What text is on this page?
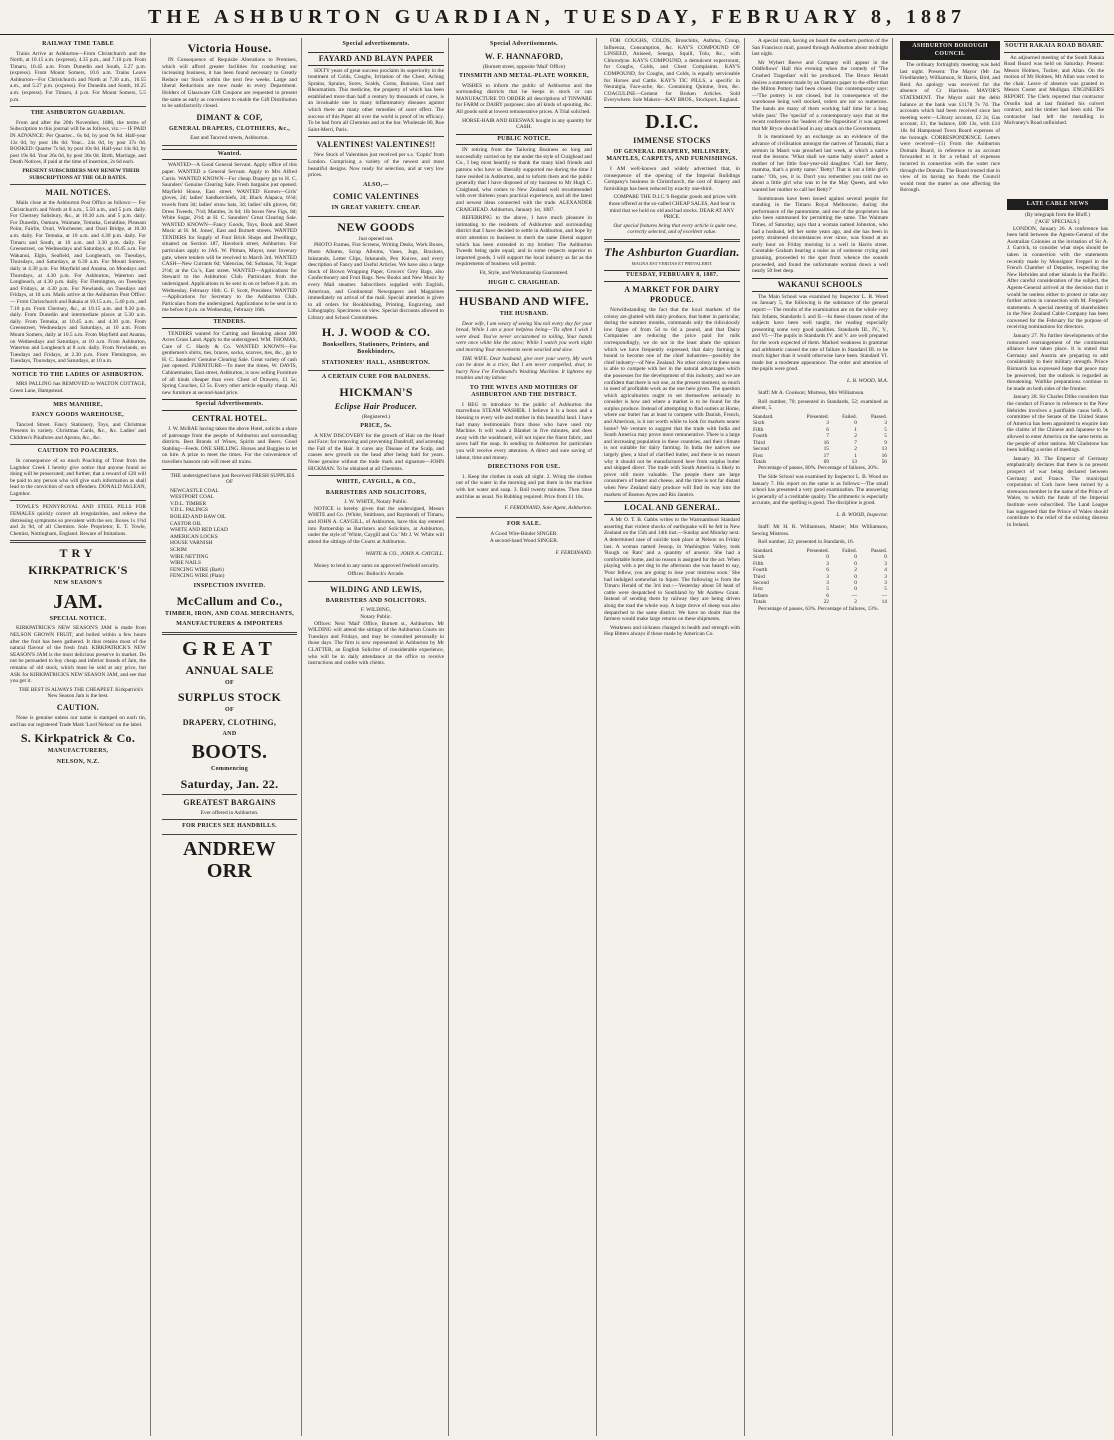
THE ASHBURTON GUARDIAN, TUESDAY, FEBRUARY 8, 1887
RAILWAY TIME TABLE

Trains Arrive at Ashburton—From Christchurch and the North, at 10.15 a.m. (express), 4.35 p.m., and 7.10 p.m. From Timaru, 10.45 a.m. From Dunedin and South, 5.27 p.m. (express). From Mount Somers, 10.6 a.m. Trains Leave Ashburton—For Christchurch and North at 7.30 a.m., 10.55 a.m., and 5.27 p.m. (express). For Dunedin and South, 10.25 a.m. (express). For Timaru, 4 p.m. For Mount Somers, 5.5 p.m.

THE ASHBURTON GUARDIAN.

From and after the 20th November, 1886, the terms of Subscription to this journal will be as follows, viz.:— IF PAID IN ADVANCE: Per Quarter... 6s 6d, by post 9s 6d. Half-year 13s 0d, by post 18s 0d. Year... 24s 0d, by post 37s 0d. BOOKED: Quarter 7s 6d, by post 10s 0d. Half-year 14s 0d, by post 19s 0d. Year 26s 0d, by post 36s 0d. Birth, Marriage, and Death Notices, if paid at the time of insertion, 2s 6d each.

PRESENT SUBSCRIBERS MAY RENEW THEIR SUBSCRIPTIONS AT THE OLD RATES.

MAIL NOTICES.

Mails close at the Ashburton Post Office as follows:— For Christchurch and North at 8 a.m., 5.50 a.m., and 5 p.m. daily. For Chertsey Salisbury, &c., at 10.30 a.m. and 5 p.m. daily. For Dunedin, Oamaru, Waimate, Temuka, Geraldine, Pleasant Point, Fairlie, Orari, Winchester, and Orari Bridge, at 10.30 a.m. daily. For Temuka, at 10 a.m. and 4.30 p.m. daily. For Timaru and South, at 10 a.m. and 3.30 p.m. daily. For Greenstreet, on Wednesdays and Saturdays, at 10.45 a.m. For Wakanui, Elgin, Seafield, and Longbeach, on Tuesdays, Thursdays, and Saturdays, at 6.30 a.m. For Mount Somers, daily at 4.30 p.m. For Mayfield and Anama, on Mondays and Thursdays, at 4.30 p.m. For Ashburton, Waterton and Longbeach, at 4.30 p.m. daily. For Flemington, on Tuesdays and Fridays, at 4.30 p.m. For Newlands, on Tuesdays and Fridays, at 10 a.m. Mails arrive at the Ashburton Post Office:— From Christchurch and Rakaia at 10.15 a.m., 5.40 p.m., and 7.10 p.m. From Chertsey, &c., at 10.15 a.m. and 9.30 p.m. daily. From Dunedin and intermediate places at 5.30 a.m. daily. From Temuka, at 10.45 a.m. and 4.30 p.m. From Greenstreet, Wednesdays and Saturdays, at 10 a.m. From Mount Somers, daily at 10.5 a.m. From Mayfield and Anama, on Wednesdays and Saturdays, at 10 a.m. From Ashburton, Waterton and Longbeach at 8 a.m. daily. From Newlands, on Tuesdays and Fridays, at 2.30 p.m. From Flemington, on Tuesdays, Thursdays, and Saturdays, at 10 a.m.

NOTICE TO THE LADIES OF ASHBURTON.

MRS PALLING has REMOVED to WALTON COTTAGE, Green Lane, Hampstead.

MRS MANHIRE,
FANCY GOODS WAREHOUSE,

Tancred Street. Fancy Stationery, Toys, and Christmas Presents in variety. Christmas Cards, &c., &c. Ladies' and Children's Pinafores and Aprons, &c., &c.

CAUTION TO POACHERS.

In consequence of so much Poaching of Trout from the Lagmhor Creek I hereby give notice that anyone found so doing will be prosecuted; and further, that a reward of £20 will be paid to any person who will give such information as shall lead to the conviction of such offenders. DONALD McLEAN, Lagmhor.

TOWLE'S PENNYROYAL AND STEEL PILLS FOR FEMALES quickly correct all irregularities, and relieve the distressing symptoms so prevalent with the sex. Boxes 1s 1½d and 2s 9d, of all Chemists. Sole Proprietor, E. T. Towle, Chemist, Nottingham, England. Beware of Imitations.

TRY
KIRKPATRICK'S
NEW SEASON'S
JAM.
SPECIAL NOTICE.

KIRKPATRICK'S NEW SEASON'S JAM is made from NELSON GROWN FRUIT, and boiled within a few hours after the fruit has been gathered. It thus retains most of the natural flavour of the fresh fruit. KIRKPATRICK'S NEW SEASON'S JAM is the most delicious preserve in market. Do not be persuaded to buy cheap and inferior brands of Jam, the remains of old stock, which must be sold at any price, but ASK for KIRKPATRICK'S NEW SEASON JAM, and see that you get it.

THE BEST IS ALWAYS THE CHEAPEST. Kirkpatrick's New Season Jam is the best.

CAUTION.

None is genuine unless our name is stamped on each tin, and has our registered Trade Mark 'Lord Nelson' on the label.

S. Kirkpatrick & Co.
MANUFACTURERS,
NELSON, N.Z.
Victoria House.

IN Consequence of Requisite Alterations to Premises, which will afford greater facilities for conducting our increasing business, it has been found necessary to Greatly Reduce our Stock within the next few weeks. Large and liberal Reductions are now made in every Department. Holders of Glassware Gift Coupons are requested to present the same as early as convenient to enable the Gift Distribution to be satisfactorily closed.

DIMANT & COF,
GENERAL DRAPERS, CLOTHIERS, &c.,
East and Tancred streets, Ashburton.
Wanted.

WANTED—A Good General Servant. Apply office of this paper. WANTED a General Servant. Apply to Mrs Alfred Curtis. WANTED KNOWN—For cheap Drapery go to H. C. Saunders' Genuine Clearing Sale. Fresh bargains just opened. Mayfield House, East street. WANTED Known—Girls' gloves, 2d; ladies' handkerchiefs, 2d; Black Alapaca, 6½d; towels from 3d; ladies' straw hats, 3d; ladies' silk gloves, 6d; Dress Tweeds, 7½d; Mantles, 3s 6d; 1lb boxes New Figs, 8d; White Sugar, 2½d; at H. C. Saunders' Great Clearing Sale. WANTED KNOWN—Fancy Goods, Toys, Book and Sheet Music at H. M. Jones', East and Burnett streets. WANTED TENDERS for Supply of Four Brick Shops and Dwellings, situated on Section 187, Havelock street, Ashburton. For particulars apply to JAS. W. Pitman, Mayor, near Inverary gate, where tenders will be received to March 3rd. WANTED CASH—New Currants 6d; Valencias, 6d; Sultanas, 7d; Sugar 2½d; at the Co.'s, East street. WANTED—Applications for Steward to the Ashburton Club. Particulars from the undersigned. Applications to be sent in on or before 8 p.m. on Wednesday, February 16th. G. F. Scott, President. WANTED—Applications for Secretary to the Ashburton Club. Particulars from the undersigned. Applications to be sent in to me before 8 p.m. on Wednesday, February 16th.

TENDERS.

TENDERS wanted for Carting and Breaking about 200 Acres Grass Land. Apply to the undersigned. WM. THOMAS, Care of C. Hardy & Co. WANTED KNOWN—For gentlemen's shirts, ties, braces, socks, scarves, ties, &c., go to H. C. Saunders' Genuine Clearing Sale. Great variety of cash just opened. FURNITURE—To meet the times, W. DAVIS, Cabinetmaker, East street, Ashburton, is now selling Furniture of all kinds cheaper than ever. Chest of Drawers, £1 5s; Spring Couches, £3 5s. Every other article equally cheap. All new furniture at second-hand price.

Special Advertisements.
CENTRAL HOTEL.

J. W. McRAE having taken the above Hotel, solicits a share of patronage from the people of Ashburton and surrounding districts. Best Brands of Wines, Spirits and Beers. Good Stabling—Feeds. ONE SHILLING. Horses and Buggies to let on hire. A prize to meet the times. For the convenience of travellers hansom cab will meet all trains.

THE undersigned have just Received FRESH SUPPLIES OF

NEWCASTLE COAL
WESTPORT COAL
V.D.L. TIMBER
V.D.L. PALINGS
BOILED AND RAW OIL
CASTOR OIL
WHITE AND RED LEAD
AMERICAN LOCKS
HOUSE VARNISH
SCRIM
WIRE NETTING
WIRE NAILS
FENCING WIRE (Barb)
FENCING WIRE (Plain)
INSPECTION INVITED.
McCallum and Co.,
TIMBER, IRON, AND COAL MERCHANTS,
MANUFACTURERS & IMPORTERS
GREAT
ANNUAL SALE
OF
SURPLUS STOCK
OF
DRAPERY, CLOTHING,
AND
BOOTS.
Commencing
Saturday, Jan. 22.
GREATEST BARGAINS
Ever offered in Ashburton.
FOR PRICES SEE HANDBILLS.
ANDREW ORR
Special advertisements.
FAYARD AND BLAYN PAPER

SIXTY years of great success proclaim its superiority in the treatment of Colds, Coughs, Irritation of the Chest, Aching Sprains, Sprains, Sores, Scalds, Corns, Bunions, Gout and Rheumatism. This medicine, the property of which has been established more than half a century by thousands of cures, is an invaluable one in many inflammatory diseases against which there are many other remedies of surer effect. The success of this Paper all over the world is proof of its efficacy. To be had from all Chemists and at the bar. Wholesale 80, Rue Saint-Merri, Paris.

VALENTINES! VALENTINES!!

New Stock of Valentines just received per s.s. 'Coptic' from London. Comprising a variety of the newest and most beautiful designs. Now ready for selection, and at very low prices.

ALSO,—
COMIC VALENTINES
IN GREAT VARIETY. CHEAP.
NEW GOODS
Just opened out.

PHOTO Frames, Fire Screens, Writing Desks, Work Boxes, Photo Albums, Scrap Albums, Vases, Jugs, Brackets, Inkstands, Letter Clips, Inkstands, Pen Knives, and every description of Fancy and Useful Articles. We have also a large Stock of Brown Wrapping Paper, Grocers' Grey Bags, also Confectionery and Fruit Bags. New Books and New Music by every Mail steamer. Subscribers supplied with English, American, and Continental Newspapers and Magazines immediately on arrival of the mail. Special attention is given to all orders for Bookbinding, Printing, Engraving, and Lithography. Specimens on view. Special discounts allowed to Library and School Committees.

H. J. WOOD & CO.
Booksellers, Stationers, Printers, and Bookbinders,
STATIONERS' HALL, ASHBURTON.
A CERTAIN CURE FOR BALDNESS.
HICKMAN'S
Eclipse Hair Producer.
(Registered.)
PRICE, 5s.

A NEW DISCOVERY for the growth of Hair on the Head and Face; for removing and preventing Dandruff, and arresting the Fall of the Hair. It cures any Disease of the Scalp, and causes new growth on the head after being bald for years. None genuine without the trade mark and signature—JOHN HICKMAN. To be obtained at all Chemists.

WHITE, CAYGILL, & CO.,
BARRISTERS AND SOLICITORS,
J. W. WHITE, Notary Public.

NOTICE is hereby given that the undersigned, Messrs WHITE and Co. (White, Smithson, and Raymond) of Timaru, and JOHN A. CAYGILL, of Ashburton, have this day entered into Partnership as Barristers and Solicitors, at Ashburton, under the style of 'White, Caygill and Co.' Mr J. W. White will attend the sittings of the Courts at Ashburton.

WHITE & CO., JOHN A. CAYGILL.

Money to lend in any sums on approved freehold security.

Offices: Bullock's Arcade.
WILDING AND LEWIS,
BARRISTERS AND SOLICITORS.
F. WILDING,
Notary Public.

Offices: Next 'Mail' Office, Burnett st., Ashburton. Mr WILDING will attend the sittings of the Ashburton Courts on Tuesdays and Fridays, and may be consulted personally in those days. The firm is now represented in Ashburton by Mr CLATTER, an English Solicitor of considerable experience, who will be in daily attendance at the office to receive instructions and confer with clients.

Special Advertisements.
W. F. HANNAFORD,
(Burnett street, opposite 'Mail' Office)
TINSMITH AND METAL-PLATE WORKER,

WISHES to inform the public of Ashburton and the surrounding districts that he keeps in stock or can MANUFACTURE TO ORDER all descriptions of TINWARE for FARM or DAIRY purposes; also all kinds of spouting, &c. All goods sold at lowest remunerative prices. A Trial solicited.

HORSE-HAIR AND BEESWAX bought in any quantity for CASH.

PUBLIC NOTICE.

IN retiring from the Tailoring Business so long and successfully carried on by me under the style of Craighead and Co., I beg most heartily to thank the many kind friends and patrons who have so liberally supported me during the time I have resided in Ashburton, and to inform them and the public generally that I have disposed of my business to Mr Hugh C. Craighead, who comes to New Zealand well recommended with over thirteen years practical experience, and all the latest and newest ideas connected with the trade. ALEXANDER CRAIGHEAD. Ashburton, January 1st, 1887.

REFERRING to the above, I have much pleasure in intimating to the residents of Ashburton and surrounding district that I have decided to settle in Ashburton, and hope by strict attention to business to merit the same liberal support which has been extended to my brother. The Ashburton Tweeds being quite equal, and in some respects superior to imported goods, I will support the local industry as far as the requirements of business will permit.

Fit, Style, and Workmanship Guaranteed.
HUGH C. CRAIGHEAD.
HUSBAND AND WIFE.
THE HUSBAND.

Dear wife, I am weary of seeing You toil every day for your bread, While I am a poor helpless being—'Tis often I wish I were dead. You've never accustomed to toiling, Your hands were once white like the snow; While I watch you work night and morning Your movements seem wearied and slow.

THE WIFE. Dear husband, give over your worry, My work can be done in a trice, But I am never compelled, dear, to hurry Now I've Ferdinand's Washing Machine. It lightens my troubles and my labour.

TO THE WIVES AND MOTHERS OF ASHBURTON AND THE DISTRICT.

I BEG to introduce to the public of Ashburton the marvellous STEAM WASHER. I believe it is a boon and a blessing to every wife and mother in this beautiful land. I have had many testimonials from those who have used my Machine. It will wash a Blanket in five minutes, and does away with the washboard, will not injure the finest fabric, and saves half the soap. In sending to Ashburton for particulars you will receive every attention. A direct and sure saving of labour, time and money.

DIRECTIONS FOR USE.

1. Keep the clothes in soak all night. 2. Wring the clothes out of the water in the morning and put them in the machine with hot water and soap. 3. Boil twenty minutes. Then rinse and blue as usual. No Rubbing required. Price from £1 10s.

F. FERDINAND, Sole Agent, Ashburton.

FOR SALE.
A Good Wire-Binder SINGER.
A second-hand Wood SINGER.

F. FERDINAND.

FOR COUGHS, COLDS, Bronchitis, Asthma, Croup, Influenza, Consumption, &c. KAY'S COMPOUND OF LINSEED, Aniseed, Senega, Squill, Tolu, &c., with Chlorodyne. KAY'S COMPOUND, a demulcent expectorant, for Coughs, Colds, and Chest Complaints. KAY'S COMPOUND, for Coughs, and Colds, is equally serviceable for Horses and Cattle. KAY'S TIC PILLS, a specific in Neuralgia, Face-ache, &c. Containing Quinine, Iron, &c. COAGULINE—Cement for Broken Articles. Sold Everywhere. Sole Makers—KAY BROS., Stockport, England.

D.I.C.
IMMENSE STOCKS
OF GENERAL DRAPERY, MILLINERY, MANTLES, CARPETS, AND FURNISHINGS.

I AM well-known and widely advertised that, in consequence of the opening of the Imperial Buildings Company's business in Christchurch, the cost of drapery and furnishings has been reduced by exactly one-third.

COMPARE THE D.I.C.'S Regular goods and prices with those offered at the so-called CHEAP SALES, And bear in mind that we hold no old and bad stocks. DEAR AT ANY PRICE.

Our special features being that every article is quite new, correctly selected, and of excellent value.

The Ashburton Guardian.
MAGNA EST VERITAS ET PREVALEBIT.
TUESDAY, FEBRUARY 8, 1887.
A MARKET FOR DAIRY PRODUCE.

Notwithstanding the fact that the local markets of the colony are glutted with dairy produce, that butter in particular, during the summer months, commands only the ridiculously low figure of from 5d to 6d a pound, and that Dairy Companies are reducing the price paid for milk correspondingly, we do not in the least abate the opinion which we have frequently expressed, that dairy farming is bound to become one of the chief industries—possibly the chief industry—of New Zealand. No other colony in these seas is able to compete with her in the natural advantages which she possesses for the development of this industry, and we are confident that there is not one, at the present moment, so much in need of profitable work as the one here given. The question which agriculturists ought to set themselves seriously to consider is how and where a market is to be found for the surplus produce. Instead of attempting to find outlets at Home, where our butter has at least to compete with Danish, French, and American, is it not worth while to look for markets nearer home? We venture to suggest that the trade with India and South America may prove more remunerative. There is a large and increasing population in these countries, and their climate is not suitable for dairy farming. In India the natives use largely ghee, a kind of clarified butter, and there is no reason why it should not be manufactured here from surplus butter and shipped direct. The trade with South America is likely to prove still more valuable. The people there are large consumers of butter and cheese, and the time is not far distant when New Zealand dairy produce will find its way into the markets of Buenos Ayres and Rio Janeiro.

LOCAL AND GENERAL.

A Mr O. T. B. Gabbs writes to the Warrnambool Standard asserting that violent shocks of earthquake will be felt in New Zealand on the 15th and 14th inst.—Sunday and Monday next. A determined case of suicide took place at Nelson on Friday last. A woman named Jessop, in Washington Valley, took 'Rough on Rats' and a quantity of arsenic. She had a comfortable home, and no reason is assigned for the act. When playing with a pet dog in the afternoon she was heard to say, 'Poor fellow, you are going to lose your mistress soon.' She had indulged somewhat in liquor. The following is from the Timaru Herald of the 3rd inst.:—Yesterday about 50 head of cattle were despatched to Southland by Mr Andrew Grant. Instead of sending them by railway they are being driven along the road the whole way. A large drove of sheep was also despatched to the same district. We have no doubt that the farmers would make large returns on these shipments.

Weakness and sickness changed to health and strength with Hop Bitters always if those made by American Co.

A special train, having on board the southern portion of the San Francisco mail, passed through Ashburton about midnight last night.

Mr Wybert Reeve and Company will appear in the Oddfellows' Hall this evening when the comedy of 'The Crushed Tragedian' will be produced. The Bruce Herald desires a statement made by an Oamaru paper to the effect that the Milton Pottery had been closed. Our contemporary says:—'The pottery is not closed, but in consequence of the warehouse being well stocked, orders are not so numerous. The hands are many of them working half time for a long while past.' The 'special' of a contemporary says that at the recent conference the 'leaders of the Opposition' it was agreed that Mr Bryce should lead in any attack on the Government.

It is mentioned by an exchange as an evidence of the advance of civilisation amongst the natives of Taranaki, that a sermon in Maori was preached last week, at which a native read the lessons. 'What shall we name baby sister?' asked a mother of her little four-year-old daughter. 'Call her Betty, mamma, that's a pretty name.' 'Betty! That is not a little girl's name.' 'Oh, yes, it is. Don't you remember you told me so about a little girl who was to be the May Queen, and who wanted her mother to call her Betty?'

Summonses have been issued against several people for standing in the Timaru Royal Melbourne, during the performance of the pantomime, and one of the proprietors has also been summoned for permitting the same. The Waimate Times, of Saturday, says that a woman named Johnston, who had a husband, left her some years ago, and she has been in pretty straitened circumstances ever since, was found at an early hour on Friday morning in a well in Harris street. Constable Graham hearing a noise as of someone crying and groaning, proceeded to the spot from whence the sounds proceeded, and found the unfortunate woman down a well nearly 50 feet deep.

WAKANUI SCHOOLS

The Main School was examined by Inspector L. B. Wood on January 5, the following is the substance of the general report:— The results of the examination are on the whole very fair. Infants, Standards I. and II.—In these classes most of the subjects have been well taught, the reading especially presenting some very good qualities. Standards III., IV., V., and VI.—The pupils in Standards IV. and V. are well prepared for the work expected of them. Marked weakness in grammar and arithmetic caused the rate of failure in Standard III. to be much higher than it would otherwise have been. Standard VI. made but a moderate appearance. The order and attention of the pupils were good.

L. B. WOOD, M.A.

Staff: Mr A. Cookson; Mistress, Mrs Williamson.

Roll number, 70; presented in Standards, 52; examined as absent, 5.

Standard.	Presented.	Failed.	Passed.
Sixth	3	0	3
Fifth	6	1	5
Fourth	7	2	5
Third	16	7	9
Second	15	2	13
First	17	1	16
Totals	69	13	56

Percentage of passes, 80%. Percentage of failures, 20%.

The Side School was examined by Inspector L. B. Wood on January 7. His report on the same is as follows:—The small school has presented a very good examination. The answering is generally of a creditable quality. The arithmetic is especially accurate, and the spelling is good. The discipline is good.

L. B. WOOD, Inspector.

Staff: Mr H. R. Williamson, Master; Mrs Williamson, Sewing Mistress.

Roll number, 22; presented in Standards, 16.

Standard.	Presented.	Failed.	Passed.
Sixth	0	0	0
Fifth	3	0	3
Fourth	6	2	4
Third	3	0	3
Second	3	0	3
First	5	0	5
Infants	6	—	—
Totals	22	2	14

Percentage of passes, 63%. Percentage of failures, 13%.

ASHBURTON BOROUGH COUNCIL

The ordinary fortnightly meeting was held last night. Present: The Mayor (Mr Jas Friedlander), Williamson, St Harris, Bird, and Reid. An apology was received for the absence of Cr Harrison. MAYOR'S STATEMENT. The Mayor said the debit balance at the bank was £1178 7s 7d. The accounts which had been received since last meeting were:—Library account, £2 2s; Gas account, £1; the balance, £80 13s, with £14 18s 6d Hampstead Town Board expenses of the borough. CORRESPONDENCE. Letters were received—(1) From the Ashburton Domain Board, in reference to an account forwarded to it for a refund of expenses incurred in connection with the water race through the Domain. The Board trusted that in view of its having no funds the Council would treat the matter as one affecting the Borough.

SOUTH RAKAIA ROAD BOARD.

An adjourned meeting of the South Rakaia Road Board was held on Saturday. Present: Messrs Holmes, Tucker, and Allan. On the motion of Mr Holmes, Mr Allan was voted to the chair. Leave of absence was granted to Messrs Coster and Mulligan. ENGINEER'S REPORT. The Clerk reported that contractor Orsolin had at last finished his culvert contract, and the timber had been sold. The contractor had left the metalling in Mulvaney's Road unfinished.

LATE CABLE NEWS
(By telegraph from the Bluff.)
['AGE' SPECIALS.]

LONDON, January 26. A conference has been held between the Agents-General of the Australian Colonies at the invitation of Sir A. J. Garrick, to consider what steps should be taken in connection with the statements recently made by Monsignor Freppel in the French Chamber of Deputies, respecting the New Hebrides and other islands in the Pacific. After careful consideration of the subject, the Agents-General arrived at the decision that it would be useless either to protest or take any further action in connection with M. Freppel's statements. A special meeting of shareholders in the New Zealand Cable Company has been convened for the February for the purpose of receiving nominations for directors.

January 27. No further developments of the rumoured rearrangement of the continental alliance have taken place. It is stated that Germany and Austria are preparing to add considerably to their military strength. Prince Bismarck has expressed hope that peace may be preserved, but the outlook is regarded as threatening. Warlike preparations continue to be made on both sides of the frontier.

January 28. Sir Charles Dilke considers that the conduct of France in reference to the New Hebrides involves a justifiable casus belli. A committee of the Senate of the United States of America has been appointed to enquire into the claims of the Chinese and Japanese to be allowed to enter America on the same terms as the people of other nations. Mr Gladstone has been holding a series of meetings.

January 30. The Emperor of Germany emphatically declares that there is no present prospect of war being declared between Germany and France. The municipal corporation of Cork have been turned by a strenuous member in the name of the Prince of Wales, to which the funds of the Imperial Institute were subscribed. The Land League has suggested that the Prince of Wales should contribute to the relief of the existing distress in Ireland.
